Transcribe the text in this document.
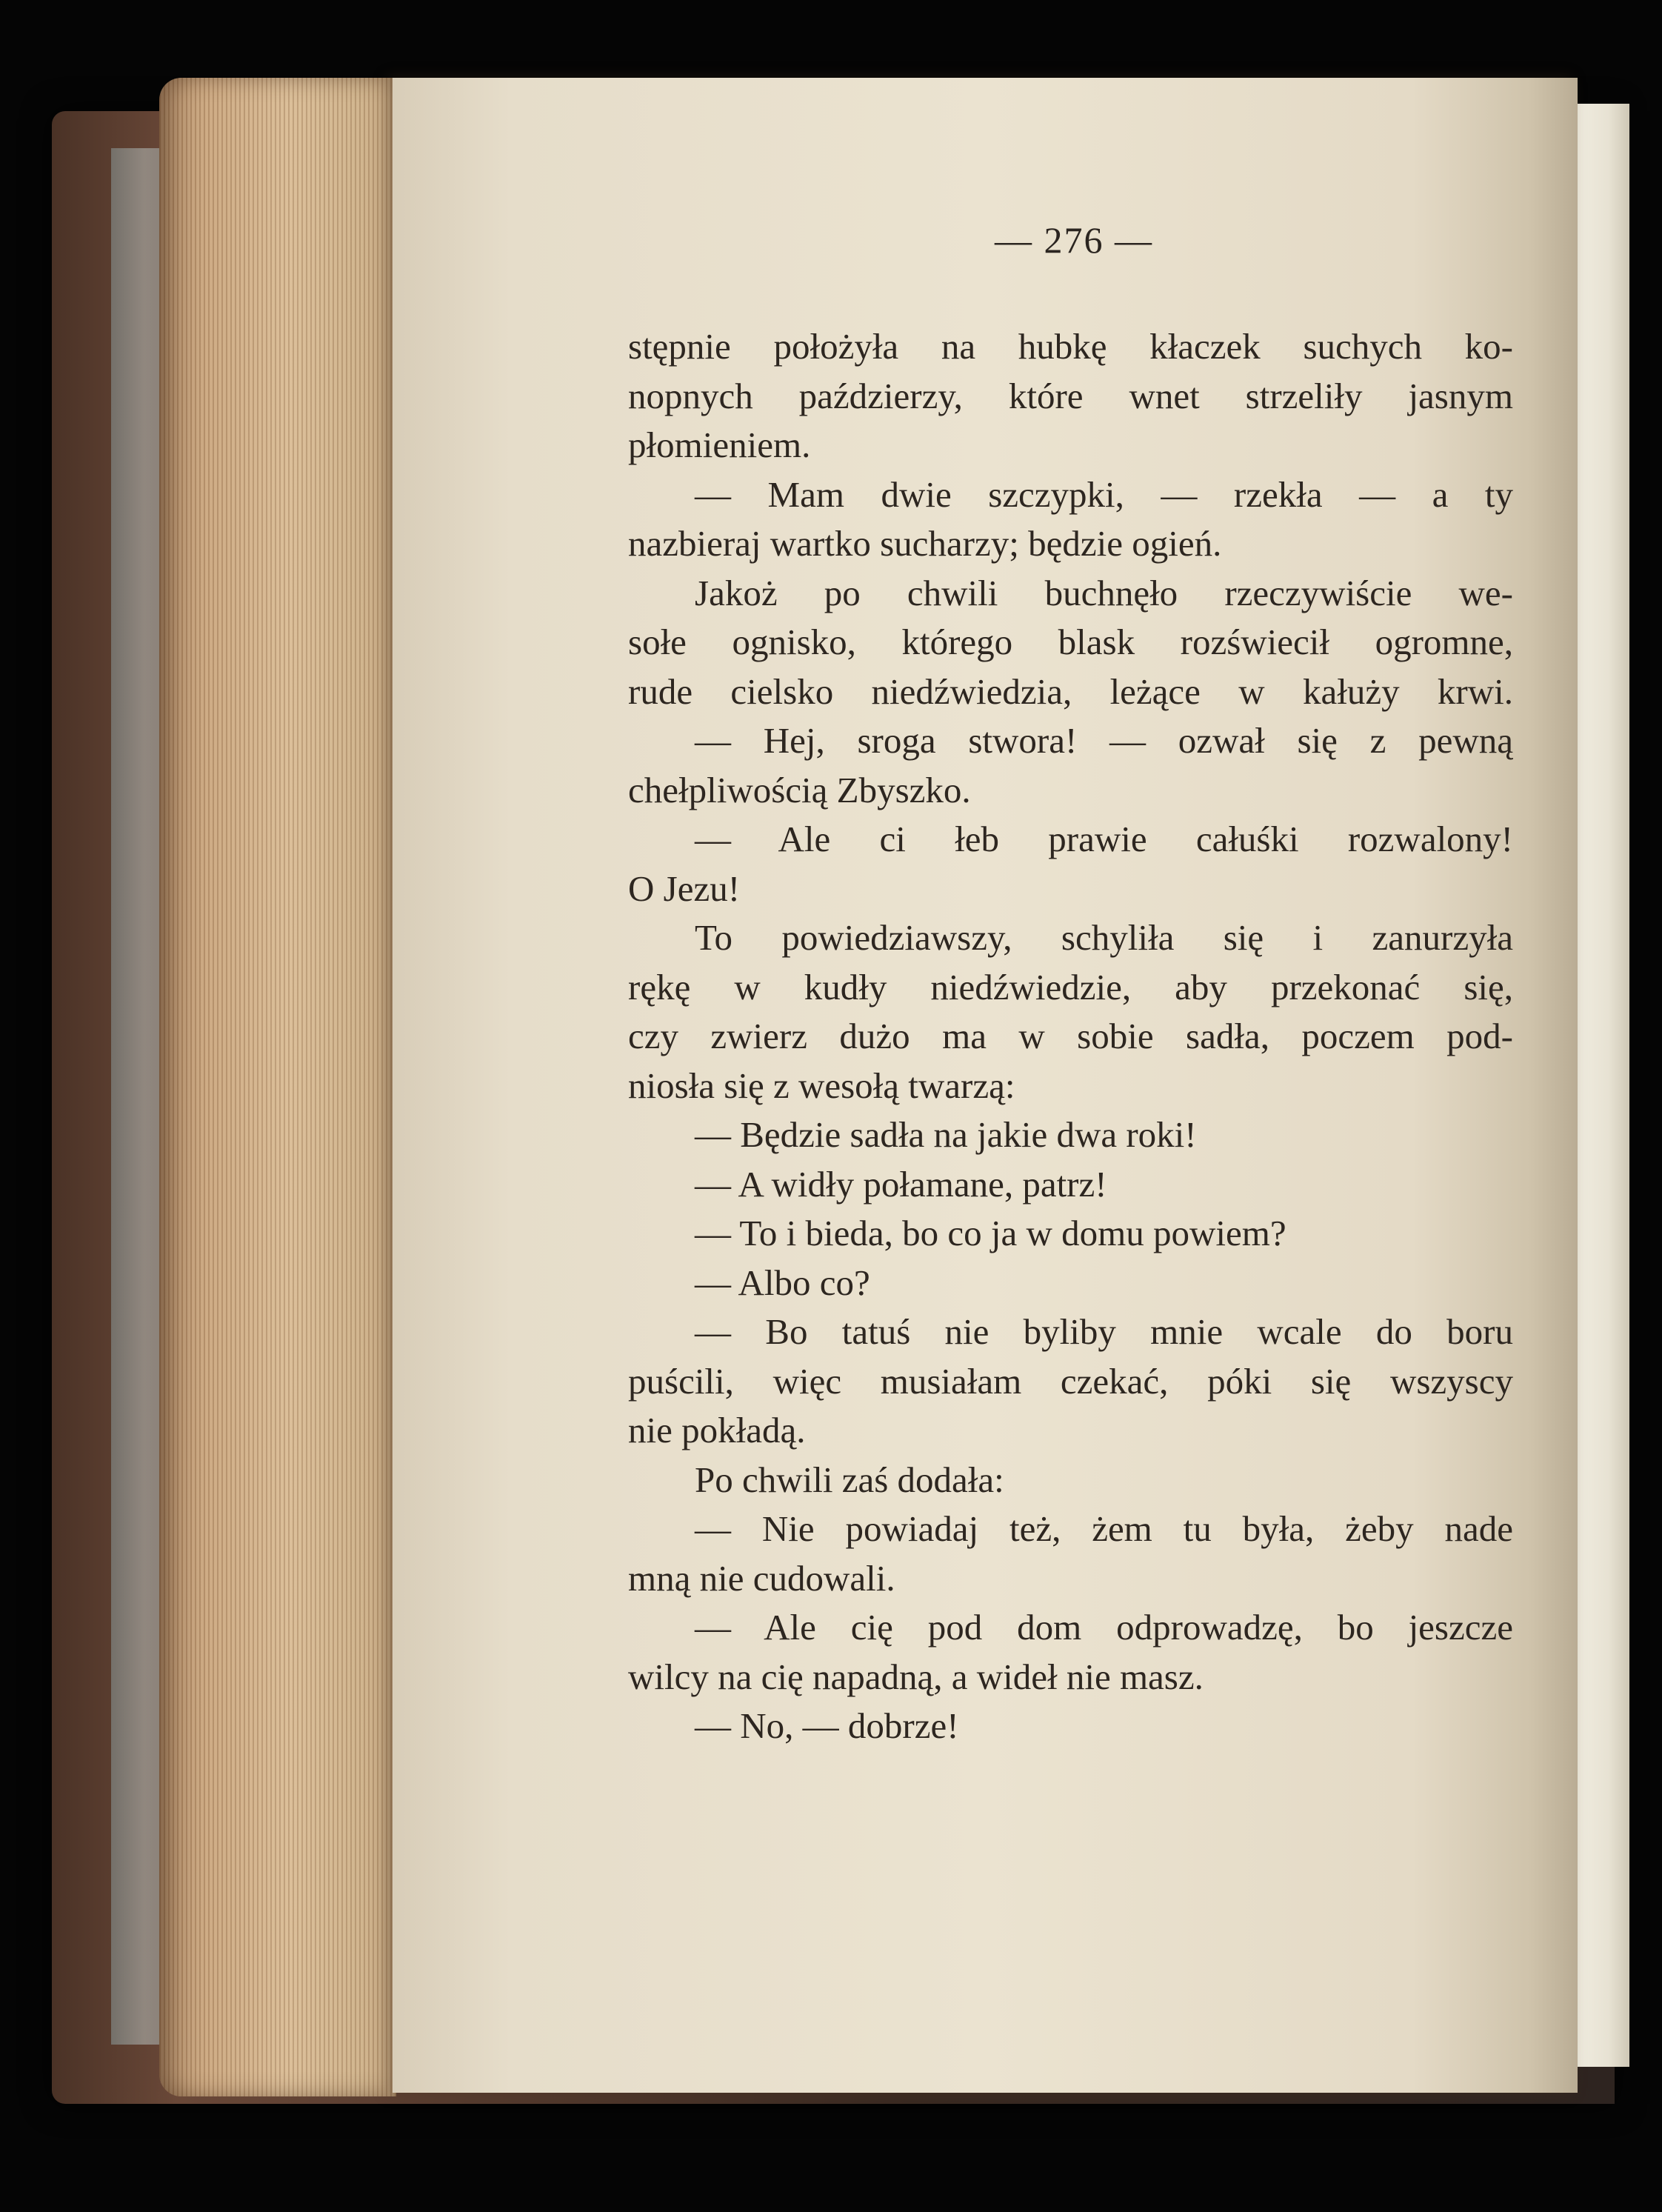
— 276 —
stępnie położyła na hubkę kłaczek suchych ko-
nopnych paździerzy, które wnet strzeliły jasnym
płomieniem.
— Mam dwie szczypki, — rzekła — a ty
nazbieraj wartko sucharzy; będzie ogień.
Jakoż po chwili buchnęło rzeczywiście we-
sołe ognisko, którego blask rozświecił ogromne,
rude cielsko niedźwiedzia, leżące w kałuży krwi.
— Hej, sroga stwora! — ozwał się z pewną
chełpliwością Zbyszko.
— Ale ci łeb prawie całuśki rozwalony!
O Jezu!
To powiedziawszy, schyliła się i zanurzyła
rękę w kudły niedźwiedzie, aby przekonać się,
czy zwierz dużo ma w sobie sadła, poczem pod-
niosła się z wesołą twarzą:
— Będzie sadła na jakie dwa roki!
— A widły połamane, patrz!
— To i bieda, bo co ja w domu powiem?
— Albo co?
— Bo tatuś nie byliby mnie wcale do boru
puścili, więc musiałam czekać, póki się wszyscy
nie pokładą.
Po chwili zaś dodała:
— Nie powiadaj też, żem tu była, żeby nade
mną nie cudowali.
— Ale cię pod dom odprowadzę, bo jeszcze
wilcy na cię napadną, a wideł nie masz.
— No, — dobrze!
